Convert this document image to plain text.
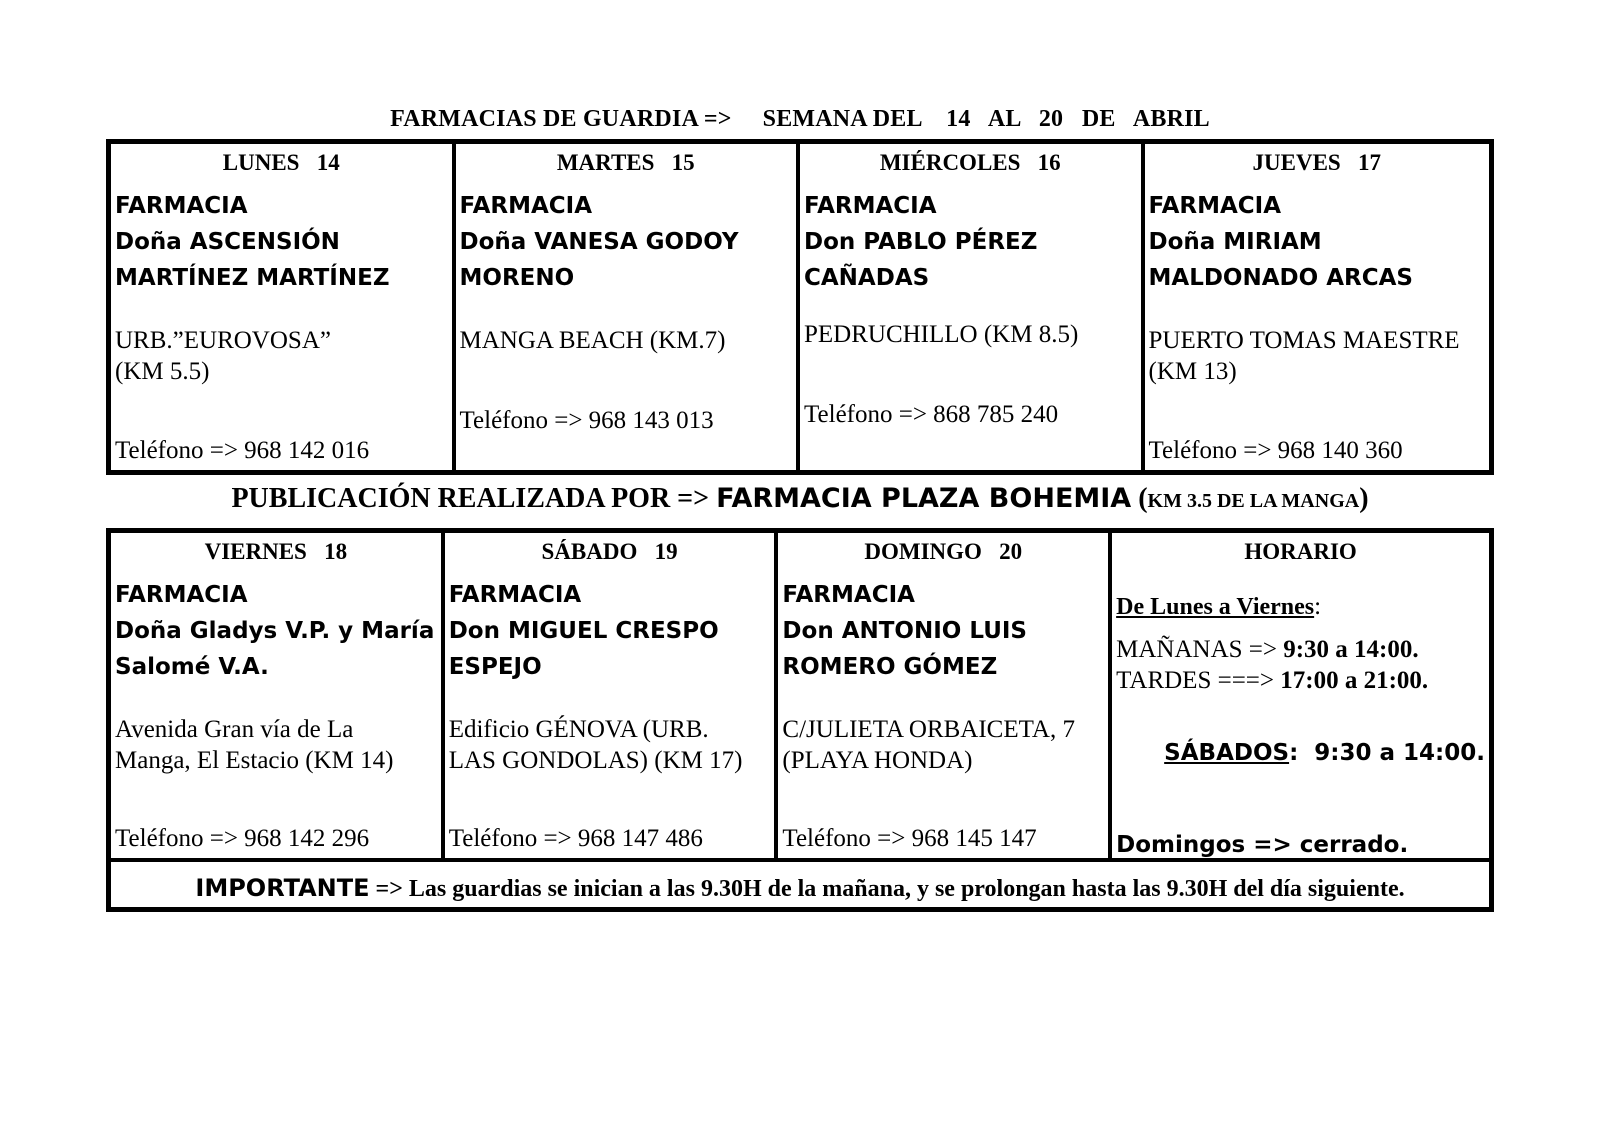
FARMACIAS DE GUARDIA => SEMANA DEL    14   AL   20   DE   ABRIL
LUNES   14
FARMACIA
Doña ASCENSIÓN
MARTÍNEZ MARTÍNEZ
URB.”EUROVOSA”
(KM 5.5)
Teléfono => 968 142 016
MARTES   15
FARMACIA
Doña VANESA GODOY
MORENO
MANGA BEACH (KM.7)
Teléfono => 968 143 013
MIÉRCOLES   16
FARMACIA
Don PABLO PÉREZ
CAÑADAS
PEDRUCHILLO (KM 8.5)
Teléfono => 868 785 240
JUEVES   17
FARMACIA
Doña MIRIAM
MALDONADO ARCAS
PUERTO TOMAS MAESTRE
(KM 13)
Teléfono => 968 140 360
PUBLICACIÓN REALIZADA POR => FARMACIA PLAZA BOHEMIA (KM 3.5 DE LA MANGA)
VIERNES   18
FARMACIA
Doña Gladys V.P. y María
Salomé V.A.
Avenida Gran vía de La
Manga, El Estacio (KM 14)
Teléfono => 968 142 296
SÁBADO   19
FARMACIA
Don MIGUEL CRESPO
ESPEJO
Edificio GÉNOVA (URB.
LAS GONDOLAS) (KM 17)
Teléfono => 968 147 486
DOMINGO   20
FARMACIA
Don ANTONIO LUIS
ROMERO GÓMEZ
C/JULIETA ORBAICETA, 7
(PLAYA HONDA)
Teléfono => 968 145 147
HORARIO
De Lunes a Viernes:
MAÑANAS => 9:30 a 14:00.
TARDES ===> 17:00 a 21:00.

SÁBADOS:  9:30 a 14:00.

Domingos => cerrado.
IMPORTANTE => Las guardias se inician a las 9.30H de la mañana, y se prolongan hasta las 9.30H del día siguiente.
